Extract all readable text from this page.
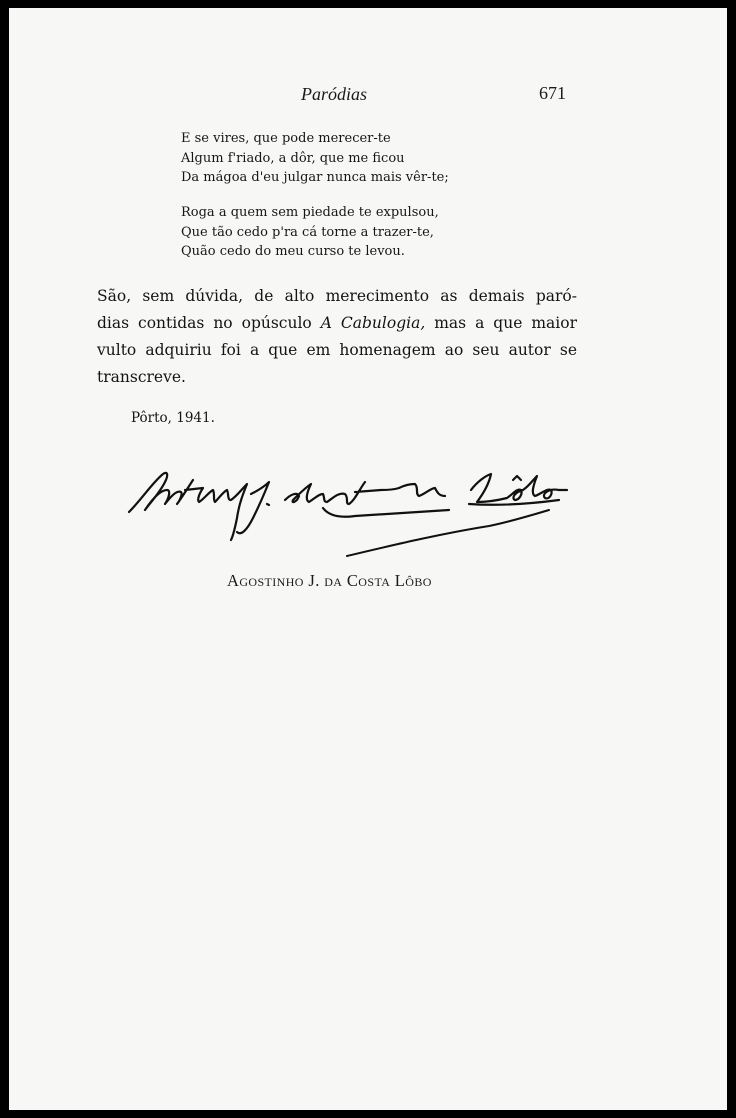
Paródias	671
E se vires, que pode merecer-te
Algum f'riado, a dôr, que me ficou
Da mágoa d'eu julgar nunca mais vêr-te;
Roga a quem sem piedade te expulsou,
Que tão cedo p'ra cá torne a trazer-te,
Quão cedo do meu curso te levou.
São, sem dúvida, de alto merecimento as demais paró-
dias contidas no opúsculo A Cabulogia, mas a que maior
vulto adquiriu foi a que em homenagem ao seu autor se
transcreve.
Pôrto, 1941.
Agostinho J. da Costa Lôbo
